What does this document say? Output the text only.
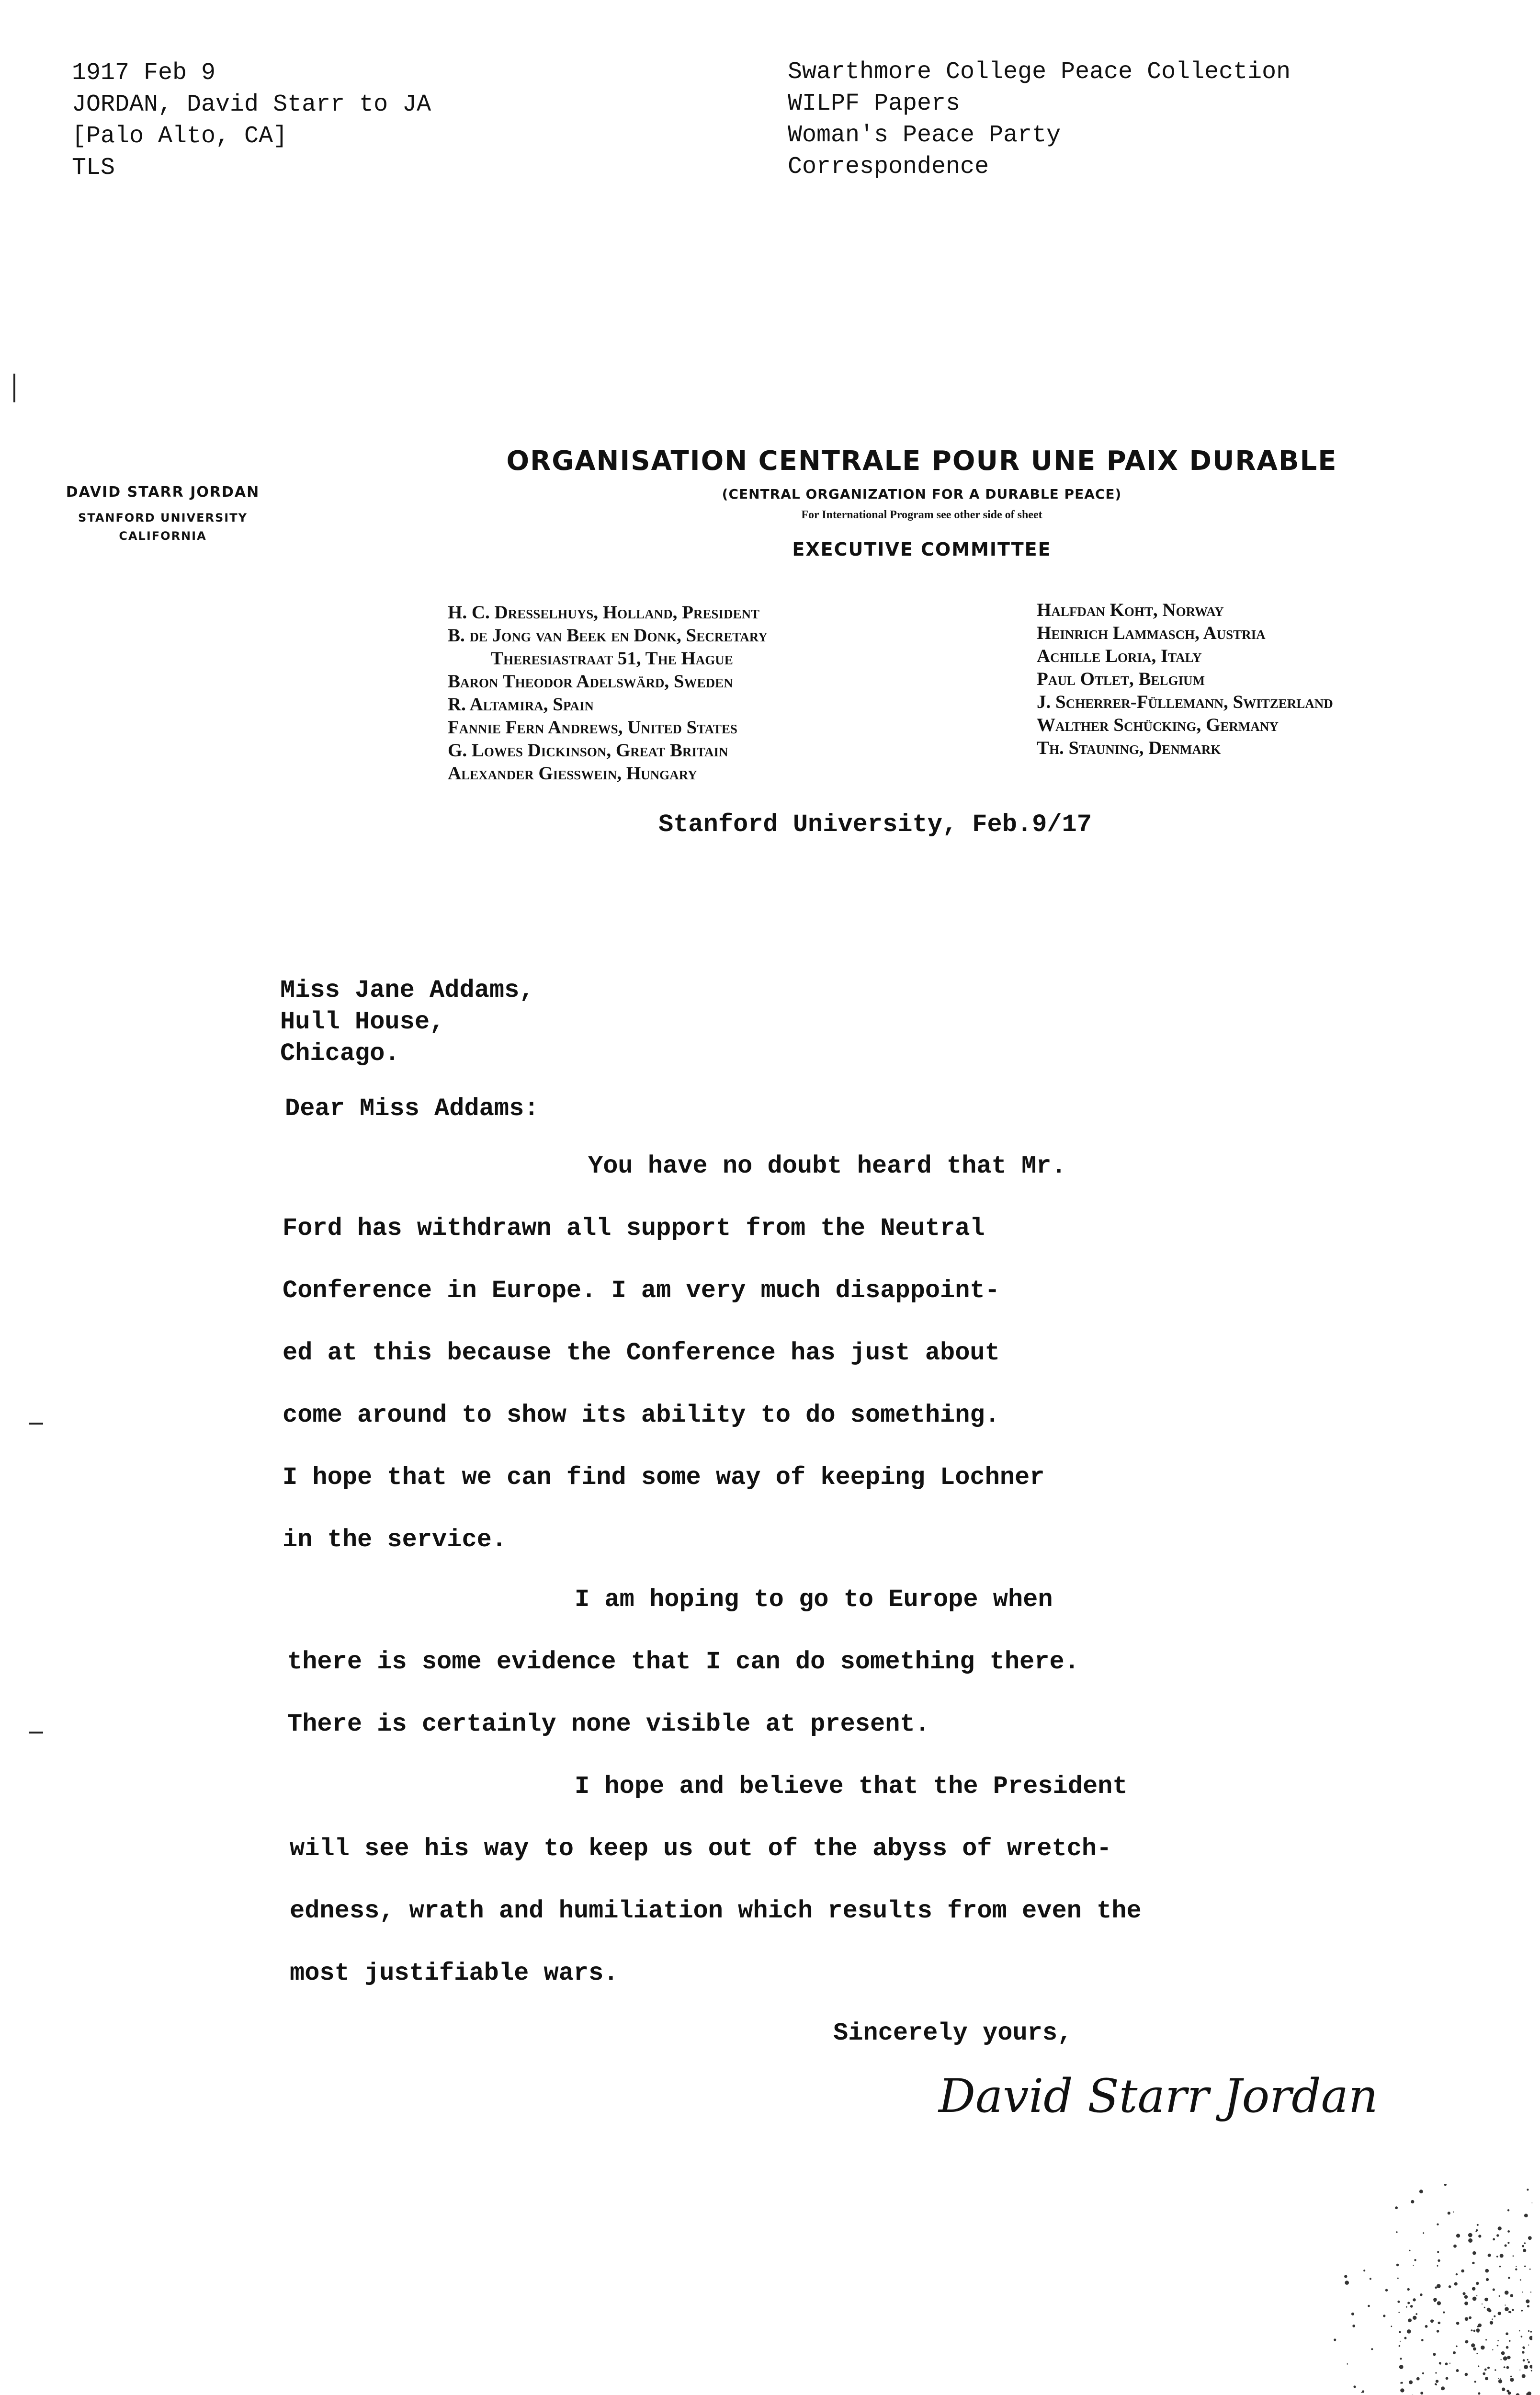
1917 Feb 9
JORDAN, David Starr to JA
[Palo Alto, CA]
TLS
Swarthmore College Peace Collection
WILPF Papers
Woman's Peace Party
Correspondence
DAVID STARR JORDAN
STANFORD UNIVERSITY
CALIFORNIA
ORGANISATION CENTRALE POUR UNE PAIX DURABLE
(CENTRAL ORGANIZATION FOR A DURABLE PEACE)
For International Program see other side of sheet
EXECUTIVE COMMITTEE
H. C. Dresselhuys, Holland, President
B. de Jong van Beek en Donk, Secretary
Theresiastraat 51, The Hague
Baron Theodor Adelswärd, Sweden
R. Altamira, Spain
Fannie Fern Andrews, United States
G. Lowes Dickinson, Great Britain
Alexander Giesswein, Hungary
Halfdan Koht, Norway
Heinrich Lammasch, Austria
Achille Loria, Italy
Paul Otlet, Belgium
J. Scherrer-Füllemann, Switzerland
Walther Schücking, Germany
Th. Stauning, Denmark
Stanford University, Feb.9/17
Miss Jane Addams,
Hull House,
Chicago.
Dear Miss Addams:
You have no doubt heard that Mr.
Ford has withdrawn all support from the Neutral
Conference in Europe. I am very much disappoint-
ed at this because the Conference has just about
come around to show its ability to do something.
I hope that we can find some way of keeping Lochner
in the service.
I am hoping to go to Europe when
there is some evidence that I can do something there.
There is certainly none visible at present.
I hope and believe that the President
will see his way to keep us out of the abyss of wretch-
edness, wrath and humiliation which results from even the
most justifiable wars.
Sincerely yours,
David Starr Jordan
